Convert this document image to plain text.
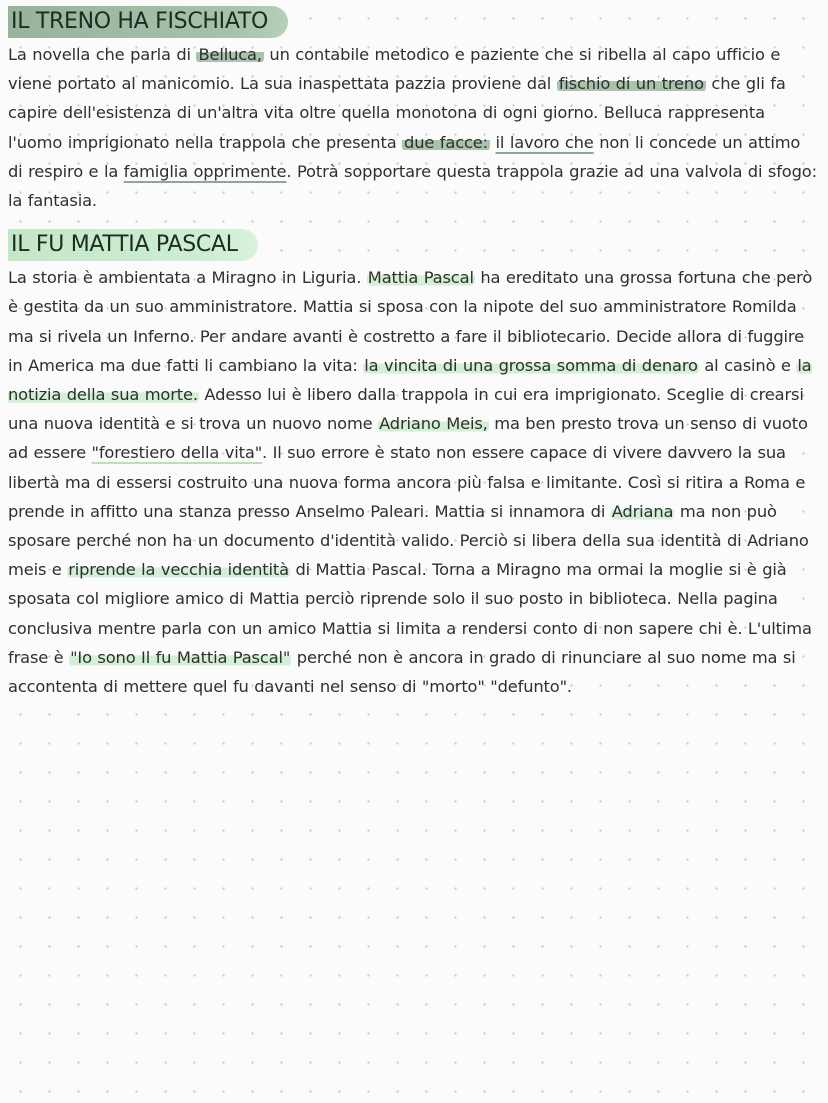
IL TRENO HA FISCHIATO

La novella che parla di Belluca, un contabile metodico e paziente che si ribella al capo ufficio e viene portato al manicomio. La sua inaspettata pazzia proviene dal fischio di un treno che gli fa capire dell'esistenza di un'altra vita oltre quella monotona di ogni giorno. Belluca rappresenta l'uomo imprigionato nella trappola che presenta due facce: il lavoro che non li concede un attimo di respiro e la famiglia opprimente. Potrà sopportare questa trappola grazie ad una valvola di sfogo: la fantasia.

IL FU MATTIA PASCAL

La storia è ambientata a Miragno in Liguria. Mattia Pascal ha ereditato una grossa fortuna che però è gestita da un suo amministratore. Mattia si sposa con la nipote del suo amministratore Romilda ma si rivela un Inferno. Per andare avanti è costretto a fare il bibliotecario. Decide allora di fuggire in America ma due fatti li cambiano la vita: la vincita di una grossa somma di denaro al casinò e la notizia della sua morte. Adesso lui è libero dalla trappola in cui era imprigionato. Sceglie di crearsi una nuova identità e si trova un nuovo nome Adriano Meis, ma ben presto trova un senso di vuoto ad essere "forestiero della vita". Il suo errore è stato non essere capace di vivere davvero la sua libertà ma di essersi costruito una nuova forma ancora più falsa e limitante. Così si ritira a Roma e prende in affitto una stanza presso Anselmo Paleari. Mattia si innamora di Adriana ma non può sposare perché non ha un documento d'identità valido. Perciò si libera della sua identità di Adriano meis e riprende la vecchia identità di Mattia Pascal. Torna a Miragno ma ormai la moglie si è già sposata col migliore amico di Mattia perciò riprende solo il suo posto in biblioteca. Nella pagina conclusiva mentre parla con un amico Mattia si limita a rendersi conto di non sapere chi è. L'ultima frase è "Io sono Il fu Mattia Pascal" perché non è ancora in grado di rinunciare al suo nome ma si accontenta di mettere quel fu davanti nel senso di "morto" "defunto".
